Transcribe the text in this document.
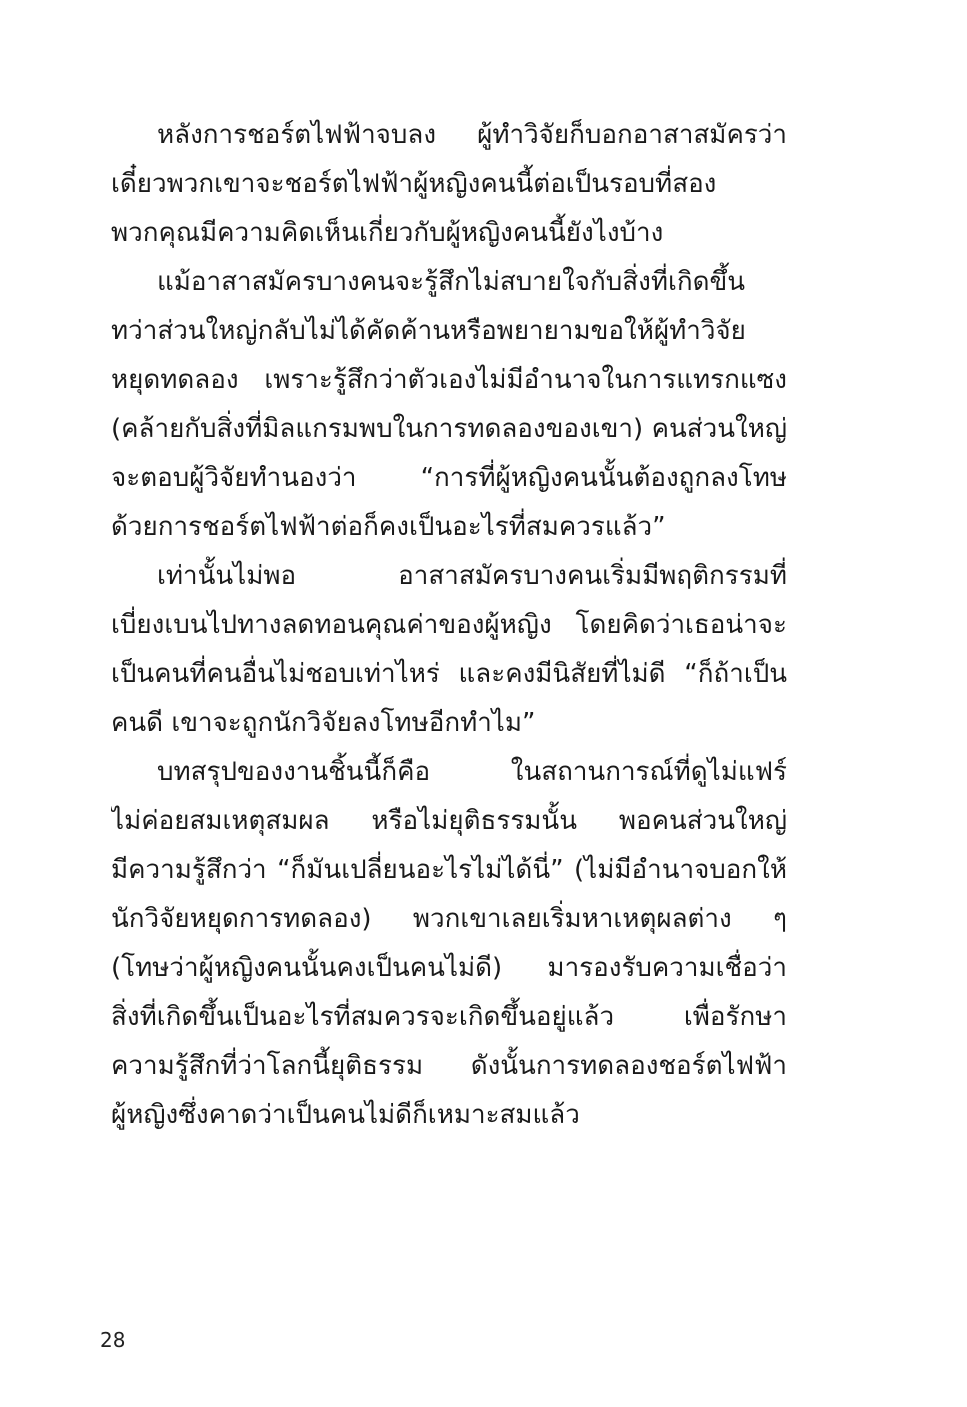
หลังการชอร์ตไฟฟ้าจบลง ผู้ทำวิจัยก็บอกอาสาสมัครว่า
เดี๋ยวพวกเขาจะชอร์ตไฟฟ้าผู้หญิงคนนี้ต่อเป็นรอบที่สอง
พวกคุณมีความคิดเห็นเกี่ยวกับผู้หญิงคนนี้ยังไงบ้าง
แม้อาสาสมัครบางคนจะรู้สึกไม่สบายใจกับสิ่งที่เกิดขึ้น
ทว่าส่วนใหญ่กลับไม่ได้คัดค้านหรือพยายามขอให้ผู้ทำวิจัย
หยุดทดลอง เพราะรู้สึกว่าตัวเองไม่มีอำนาจในการแทรกแซง
(คล้ายกับสิ่งที่มิลแกรมพบในการทดลองของเขา) คนส่วนใหญ่
จะตอบผู้วิจัยทำนองว่า “การที่ผู้หญิงคนนั้นต้องถูกลงโทษ
ด้วยการชอร์ตไฟฟ้าต่อก็คงเป็นอะไรที่สมควรแล้ว”
เท่านั้นไม่พอ อาสาสมัครบางคนเริ่มมีพฤติกรรมที่
เบี่ยงเบนไปทางลดทอนคุณค่าของผู้หญิง โดยคิดว่าเธอน่าจะ
เป็นคนที่คนอื่นไม่ชอบเท่าไหร่ และคงมีนิสัยที่ไม่ดี “ก็ถ้าเป็น
คนดี เขาจะถูกนักวิจัยลงโทษอีกทำไม”
บทสรุปของงานชิ้นนี้ก็คือ ในสถานการณ์ที่ดูไม่แฟร์
ไม่ค่อยสมเหตุสมผล หรือไม่ยุติธรรมนั้น พอคนส่วนใหญ่
มีความรู้สึกว่า “ก็มันเปลี่ยนอะไรไม่ได้นี่” (ไม่มีอำนาจบอกให้
นักวิจัยหยุดการทดลอง) พวกเขาเลยเริ่มหาเหตุผลต่าง ๆ
(โทษว่าผู้หญิงคนนั้นคงเป็นคนไม่ดี) มารองรับความเชื่อว่า
สิ่งที่เกิดขึ้นเป็นอะไรที่สมควรจะเกิดขึ้นอยู่แล้ว เพื่อรักษา
ความรู้สึกที่ว่าโลกนี้ยุติธรรม ดังนั้นการทดลองชอร์ตไฟฟ้า
ผู้หญิงซึ่งคาดว่าเป็นคนไม่ดีก็เหมาะสมแล้ว
28
